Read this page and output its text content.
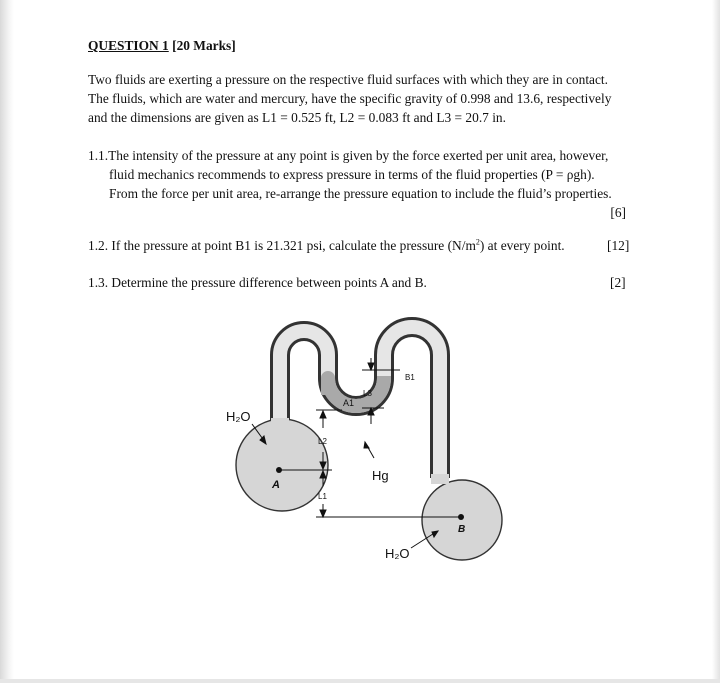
QUESTION 1 [20 Marks]
Two fluids are exerting a pressure on the respective fluid surfaces with which they are in contact.
The fluids, which are water and mercury, have the specific gravity of 0.998 and 13.6, respectively
and the dimensions are given as L1 = 0.525 ft, L2 = 0.083 ft and L3 = 20.7 in.
1.1.The intensity of the pressure at any point is given by the force exerted per unit area, however,
fluid mechanics recommends to express pressure in terms of the fluid properties (P = ρgh).
From the force per unit area, re-arrange the pressure equation to include the fluid’s properties.
[6]
1.2. If the pressure at point B1 is 21.321 psi, calculate the pressure $(N/m^2)$ at every point.	[12]
1.3. Determine the pressure difference between points A and B.	[2]
H₂O
Hg
H₂O
A
B
A1
B1
L3
L2
L1
